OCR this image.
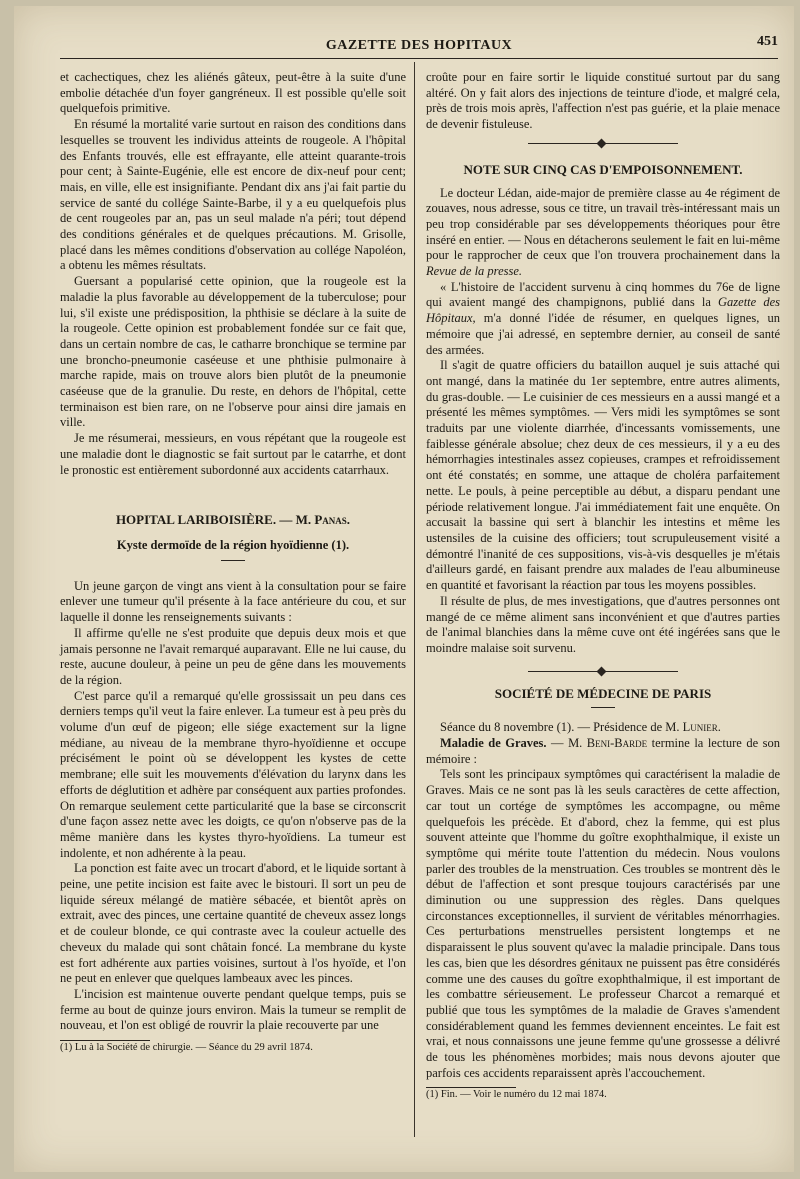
GAZETTE DES HOPITAUX	451

et cachectiques, chez les aliénés gâteux, peut-être à la suite d'une embolie détachée d'un foyer gangréneux. Il est possible qu'elle soit quelquefois primitive.

En résumé la mortalité varie surtout en raison des conditions dans lesquelles se trouvent les individus atteints de rougeole. A l'hôpital des Enfants trouvés, elle est effrayante, elle atteint quarante-trois pour cent; à Sainte-Eugénie, elle est encore de dix-neuf pour cent; mais, en ville, elle est insignifiante. Pendant dix ans j'ai fait partie du service de santé du collége Sainte-Barbe, il y a eu quelquefois plus de cent rougeoles par an, pas un seul malade n'a péri; tout dépend des conditions générales et de quelques précautions. M. Grisolle, placé dans les mêmes conditions d'observation au collége Napoléon, a obtenu les mêmes résultats.

Guersant a popularisé cette opinion, que la rougeole est la maladie la plus favorable au développement de la tuberculose; pour lui, s'il existe une prédisposition, la phthisie se déclare à la suite de la rougeole. Cette opinion est probablement fondée sur ce fait que, dans un certain nombre de cas, le catharre bronchique se termine par une broncho-pneumonie caséeuse et une phthisie pulmonaire à marche rapide, mais on trouve alors bien plutôt de la pneumonie caséeuse que de la granulie. Du reste, en dehors de l'hôpital, cette terminaison est bien rare, on ne l'observe pour ainsi dire jamais en ville.

Je me résumerai, messieurs, en vous répétant que la rougeole est une maladie dont le diagnostic se fait surtout par le catarrhe, et dont le pronostic est entièrement subordonné aux accidents catarrhaux.

HOPITAL LARIBOISIÈRE. — M. Panas.
Kyste dermoïde de la région hyoïdienne (1).

Un jeune garçon de vingt ans vient à la consultation pour se faire enlever une tumeur qu'il présente à la face antérieure du cou, et sur laquelle il donne les renseignements suivants :

Il affirme qu'elle ne s'est produite que depuis deux mois et que jamais personne ne l'avait remarqué auparavant. Elle ne lui cause, du reste, aucune douleur, à peine un peu de gêne dans les mouvements de la région.

C'est parce qu'il a remarqué qu'elle grossissait un peu dans ces derniers temps qu'il veut la faire enlever. La tumeur est à peu près du volume d'un œuf de pigeon; elle siége exactement sur la ligne médiane, au niveau de la membrane thyro-hyoïdienne et occupe précisément le point où se développent les kystes de cette membrane; elle suit les mouvements d'élévation du larynx dans les efforts de déglutition et adhère par conséquent aux parties profondes. On remarque seulement cette particularité que la base se circonscrit d'une façon assez nette avec les doigts, ce qu'on n'observe pas de la même manière dans les kystes thyro-hyoïdiens. La tumeur est indolente, et non adhérente à la peau.

La ponction est faite avec un trocart d'abord, et le liquide sortant à peine, une petite incision est faite avec le bistouri. Il sort un peu de liquide séreux mélangé de matière sébacée, et bientôt après on extrait, avec des pinces, une certaine quantité de cheveux assez longs et de couleur blonde, ce qui contraste avec la couleur actuelle des cheveux du malade qui sont châtain foncé. La membrane du kyste est fort adhérente aux parties voisines, surtout à l'os hyoïde, et l'on ne peut en enlever que quelques lambeaux avec les pinces.

L'incision est maintenue ouverte pendant quelque temps, puis se ferme au bout de quinze jours environ. Mais la tumeur se remplit de nouveau, et l'on est obligé de rouvrir la plaie recouverte par une

(1) Lu à la Société de chirurgie. — Séance du 29 avril 1874.

croûte pour en faire sortir le liquide constitué surtout par du sang altéré. On y fait alors des injections de teinture d'iode, et malgré cela, près de trois mois après, l'affection n'est pas guérie, et la plaie menace de devenir fistuleuse.

NOTE SUR CINQ CAS D'EMPOISONNEMENT.

Le docteur Lédan, aide-major de première classe au 4e régiment de zouaves, nous adresse, sous ce titre, un travail très-intéressant mais un peu trop considérable par ses développements théoriques pour être inséré en entier. — Nous en détacherons seulement le fait en lui-même pour le rapprocher de ceux que l'on trouvera prochainement dans la Revue de la presse.

« L'histoire de l'accident survenu à cinq hommes du 76e de ligne qui avaient mangé des champignons, publié dans la Gazette des Hôpitaux, m'a donné l'idée de résumer, en quelques lignes, un mémoire que j'ai adressé, en septembre dernier, au conseil de santé des armées.

Il s'agit de quatre officiers du bataillon auquel je suis attaché qui ont mangé, dans la matinée du 1er septembre, entre autres aliments, du gras-double. — Le cuisinier de ces messieurs en a aussi mangé et a présenté les mêmes symptômes. — Vers midi les symptômes se sont traduits par une violente diarrhée, d'incessants vomissements, une faiblesse générale absolue; chez deux de ces messieurs, il y a eu des hémorrhagies intestinales assez copieuses, crampes et refroidissement ont été constatés; en somme, une attaque de choléra parfaitement nette. Le pouls, à peine perceptible au début, a disparu pendant une période relativement longue. J'ai immédiatement fait une enquête. On accusait la bassine qui sert à blanchir les intestins et même les ustensiles de la cuisine des officiers; tout scrupuleusement visité a démontré l'inanité de ces suppositions, vis-à-vis desquelles je m'étais d'ailleurs gardé, en faisant prendre aux malades de l'eau albumineuse en quantité et favorisant la réaction par tous les moyens possibles.

Il résulte de plus, de mes investigations, que d'autres personnes ont mangé de ce même aliment sans inconvénient et que d'autres parties de l'animal blanchies dans la même cuve ont été ingérées sans que le moindre malaise soit survenu.

SOCIÉTÉ DE MÉDECINE DE PARIS

Séance du 8 novembre (1). — Présidence de M. Lunier.

Maladie de Graves. — M. Beni-Barde termine la lecture de son mémoire :

Tels sont les principaux symptômes qui caractérisent la maladie de Graves. Mais ce ne sont pas là les seuls caractères de cette affection, car tout un cortége de symptômes les accompagne, ou même quelquefois les précède. Et d'abord, chez la femme, qui est plus souvent atteinte que l'homme du goître exophthalmique, il existe un symptôme qui mérite toute l'attention du médecin. Nous voulons parler des troubles de la menstruation. Ces troubles se montrent dès le début de l'affection et sont presque toujours caractérisés par une diminution ou une suppression des règles. Dans quelques circonstances exceptionnelles, il survient de véritables ménorrhagies. Ces perturbations menstruelles persistent longtemps et ne disparaissent le plus souvent qu'avec la maladie principale. Dans tous les cas, bien que les désordres génitaux ne puissent pas être considérés comme une des causes du goître exophthalmique, il est important de les combattre sérieusement. Le professeur Charcot a remarqué et publié que tous les symptômes de la maladie de Graves s'amendent considérablement quand les femmes deviennent enceintes. Le fait est vrai, et nous connaissons une jeune femme qu'une grossesse a délivré de tous les phénomènes morbides; mais nous devons ajouter que parfois ces accidents reparaissent après l'accouchement.

(1) Fin. — Voir le numéro du 12 mai 1874.
